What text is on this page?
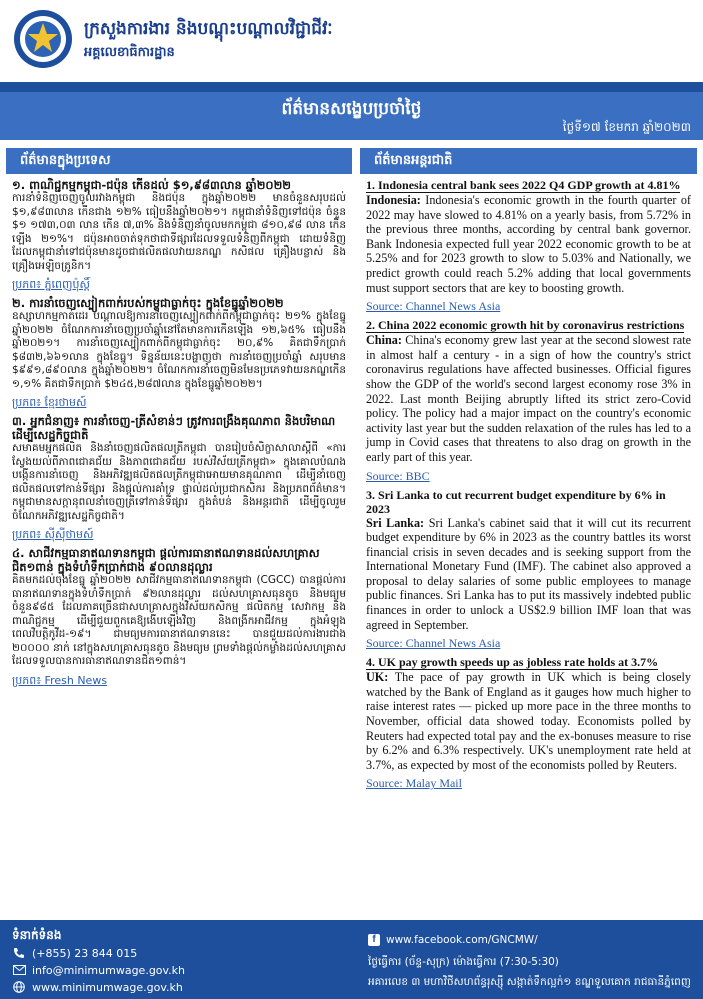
ក្រសួងការងារ និងបណ្តុះបណ្តាលវិជ្ជាជីវៈ
អគ្គលេខាធិការដ្ឋាន
ព័ត៌មានសង្ខេបប្រចាំថ្ងៃ
ថ្ងៃទី១៧ ខែមករា ឆ្នាំ២០២៣
ព័ត៌មានក្នុងប្រទេស
១. ពាណិជ្ជកម្មកម្ពុជា-ជប៉ុន កើនដល់ $១,៩៨៣លាន ឆ្នាំ២០២២
ការនាំទំនិញចេញចូលរវាងកម្ពុជា និងជប៉ុន ក្នុងឆ្នាំ២០២២ មានចំនួនសរុបដល់ $១,៩៨៣លាន កើនជាង ១២% ធៀបនឹងឆ្នាំ២០២១។ កម្ពុជានាំទំនិញទៅជប៉ុន ចំនួន $១ ១៧៣,០៣ លាន កើន ៧,៣% និងទំនិញនាំចូលមកកម្ពុជា ៨១០,៩៨ លាន កើនឡើង ២១%។ ជប៉ុនអាចចាត់ទុកថាជាទីផ្សារដែលទទួលទំនិញពីកម្ពុជា ដោយទំនិញដែលកម្ពុជានាំទៅជប៉ុនមានដូចជាផលិតផលវាយនភណ្ឌ កសិផល គ្រឿងបន្លាស់ និងគ្រឿងអេឡិចត្រូនិក។
ប្រភព៖ ភ្នំពេញប៉ុស្តិ៍
២. ការនាំចេញស្បៀកពាក់របស់កម្ពុជាធ្លាក់ចុះ ក្នុងខែធ្នូឆ្នាំ២០២២
ឧស្សាហកម្មកាត់ដេរ បណ្ដាលឱ្យការនាំចេញស្បៀកពាក់ពីកម្ពុជាធ្លាក់ចុះ ២១% ក្នុងខែធ្នូឆ្នាំ២០២២ ចំណែកការនាំចេញប្រចាំឆ្នាំនៅតែមានការកើនឡើង ១២,៦៥% ធៀបនឹងឆ្នាំ២០២១។ ការនាំចេញស្បៀកពាក់ពីកម្ពុជាធ្លាក់ចុះ ២០,៩% គិតជាទឹកប្រាក់ $៨៣២,៦៦១លាន ក្នុងខែធ្នូ។ ទិន្នន័យនេះបង្ហាញថា ការនាំចេញប្រចាំឆ្នាំ សរុបមាន $៩៩១,៨៩០លាន ក្នុងឆ្នាំ២០២២។ ចំណែកការនាំចេញមិនមែនប្រភេទវាយនភណ្ឌកើន ១,១% គិតជាទឹកប្រាក់ $២៤៥,២៨៧លាន ក្នុងខែធ្នូឆ្នាំ២០២២។
ប្រភព៖ ខ្មែរថាមស៍
៣. អ្នកជំនាញ៖ ការនាំចេញ-ត្រីសំខាន់ៗ ត្រូវការពង្រឹងគុណភាព និងបរិមាណដើម្បីសេដ្ឋកិច្ចជាតិ
សមាគមអ្នកផលិត និងនាំចេញផលិតផលត្រីកម្ពុជា បានរៀបចំសិក្ខាសាលាស្ដីពី «ការស្វែងយល់ពីភាពជោគជ័យ និងភាពជោគជ័យ របស់វិស័យត្រីកម្ពុជា» ក្នុងគោលបំណងបង្កើនការនាំចេញ និងអភិវឌ្ឍផលិតផលត្រីកម្ពុជាអោយមានគុណភាព ដើម្បីនាំចេញផលិតផលទៅកាន់ទីផ្សារ និងផ្ដល់ការគាំទ្រ ផ្ទាល់ដល់ប្រជាកសិករ និងប្រភពព័ត៌មាន។ កម្ពុជាមានសក្តានុពលនាំចេញត្រីទៅកាន់ទីផ្សារ ក្នុងតំបន់ និងអន្តរជាតិ ដើម្បីចូលរួមចំណែកអភិវឌ្ឍសេដ្ឋកិច្ចជាតិ។
ប្រភព៖ ស៊ីស៊ីថាមស៍
៤. សាជីវកម្មធានាឥណទានកម្ពុជា ផ្តល់ការធានាឥណទានដល់សហគ្រាសជិត១ពាន់ ក្នុងទំហំទឹកប្រាក់ជាង ៩០លានដុល្លារ
គិតមកដល់ចុងខែធ្នូ ឆ្នាំ២០២២ សាជីវកម្មធានាឥណទានកម្ពុជា (CGCC) បានផ្តល់ការធានាឥណទានក្នុងទំហំទឹកប្រាក់ ៩២លានដុល្លារ ដល់សហគ្រាសធុនតូច និងមធ្យម ចំនួន៩៨៥ ដែលភាគច្រើនជាសហគ្រាសក្នុងវិស័យកសិកម្ម ផលិតកម្ម សេវាកម្ម និងពាណិជ្ជកម្ម ដើម្បីជួយពួកគេឱ្យងើបឡើងវិញ និងពង្រីកអាជីវកម្ម ក្នុងអំឡុងពេលវិបត្តិកូវីដ-១៩។ ជាមធ្យមការធានាឥណទាននេះ បានជួយដល់ការងារជាង ២០០០០ នាក់ នៅក្នុងសហគ្រាសធុនតូច និងមធ្យម ព្រមទាំងផ្ដល់កម្លាំងដល់សហគ្រាសដែលទទួលបានការធានាឥណទានជិត១ពាន់។
ប្រភព៖ Fresh News
ព័ត៌មានអន្តរជាតិ
1. Indonesia central bank sees 2022 Q4 GDP growth at 4.81%
Indonesia: Indonesia's economic growth in the fourth quarter of 2022 may have slowed to 4.81% on a yearly basis, from 5.72% in the previous three months, according by central bank governor. Bank Indonesia expected full year 2022 economic growth to be at 5.25% and for 2023 growth to slow to 5.03% and Nationally, we predict growth could reach 5.2% adding that local governments must support sectors that are key to boosting growth.
Source: Channel News Asia
2. China 2022 economic growth hit by coronavirus restrictions
China: China's economy grew last year at the second slowest rate in almost half a century - in a sign of how the country's strict coronavirus regulations have affected businesses. Official figures show the GDP of the world's second largest economy rose 3% in 2022. Last month Beijing abruptly lifted its strict zero-Covid policy. The policy had a major impact on the country's economic activity last year but the sudden relaxation of the rules has led to a jump in Covid cases that threatens to also drag on growth in the early part of this year.
Source: BBC
3. Sri Lanka to cut recurrent budget expenditure by 6% in 2023
Sri Lanka: Sri Lanka's cabinet said that it will cut its recurrent budget expenditure by 6% in 2023 as the country battles its worst financial crisis in seven decades and is seeking support from the International Monetary Fund (IMF). The cabinet also approved a proposal to delay salaries of some public employees to manage public finances. Sri Lanka has to put its massively indebted public finances in order to unlock a US$2.9 billion IMF loan that was agreed in September.
Source: Channel News Asia
4. UK pay growth speeds up as jobless rate holds at 3.7%
UK: The pace of pay growth in UK which is being closely watched by the Bank of England as it gauges how much higher to raise interest rates — picked up more pace in the three months to November, official data showed today. Economists polled by Reuters had expected total pay and the ex-bonuses measure to rise by 6.2% and 6.3% respectively. UK's unemployment rate held at 3.7%, as expected by most of the economists polled by Reuters.
Source: Malay Mail
ទំនាក់ទំនង
(+855) 23 844 015
info@minimumwage.gov.kh
www.minimumwage.gov.kh
f www.facebook.com/GNCMW/
ថ្ងៃធ្វើការ (ច័ន្ទ-សុក្រ) ម៉ោងធ្វើការ (7:30-5:30)
អគារលេខ ៣ មហាវិថីសហព័ន្ធរុស្ស៊ី សង្កាត់ទឹកល្អក់១ ខណ្ឌទួលគោក រាជធានីភ្នំពេញ
